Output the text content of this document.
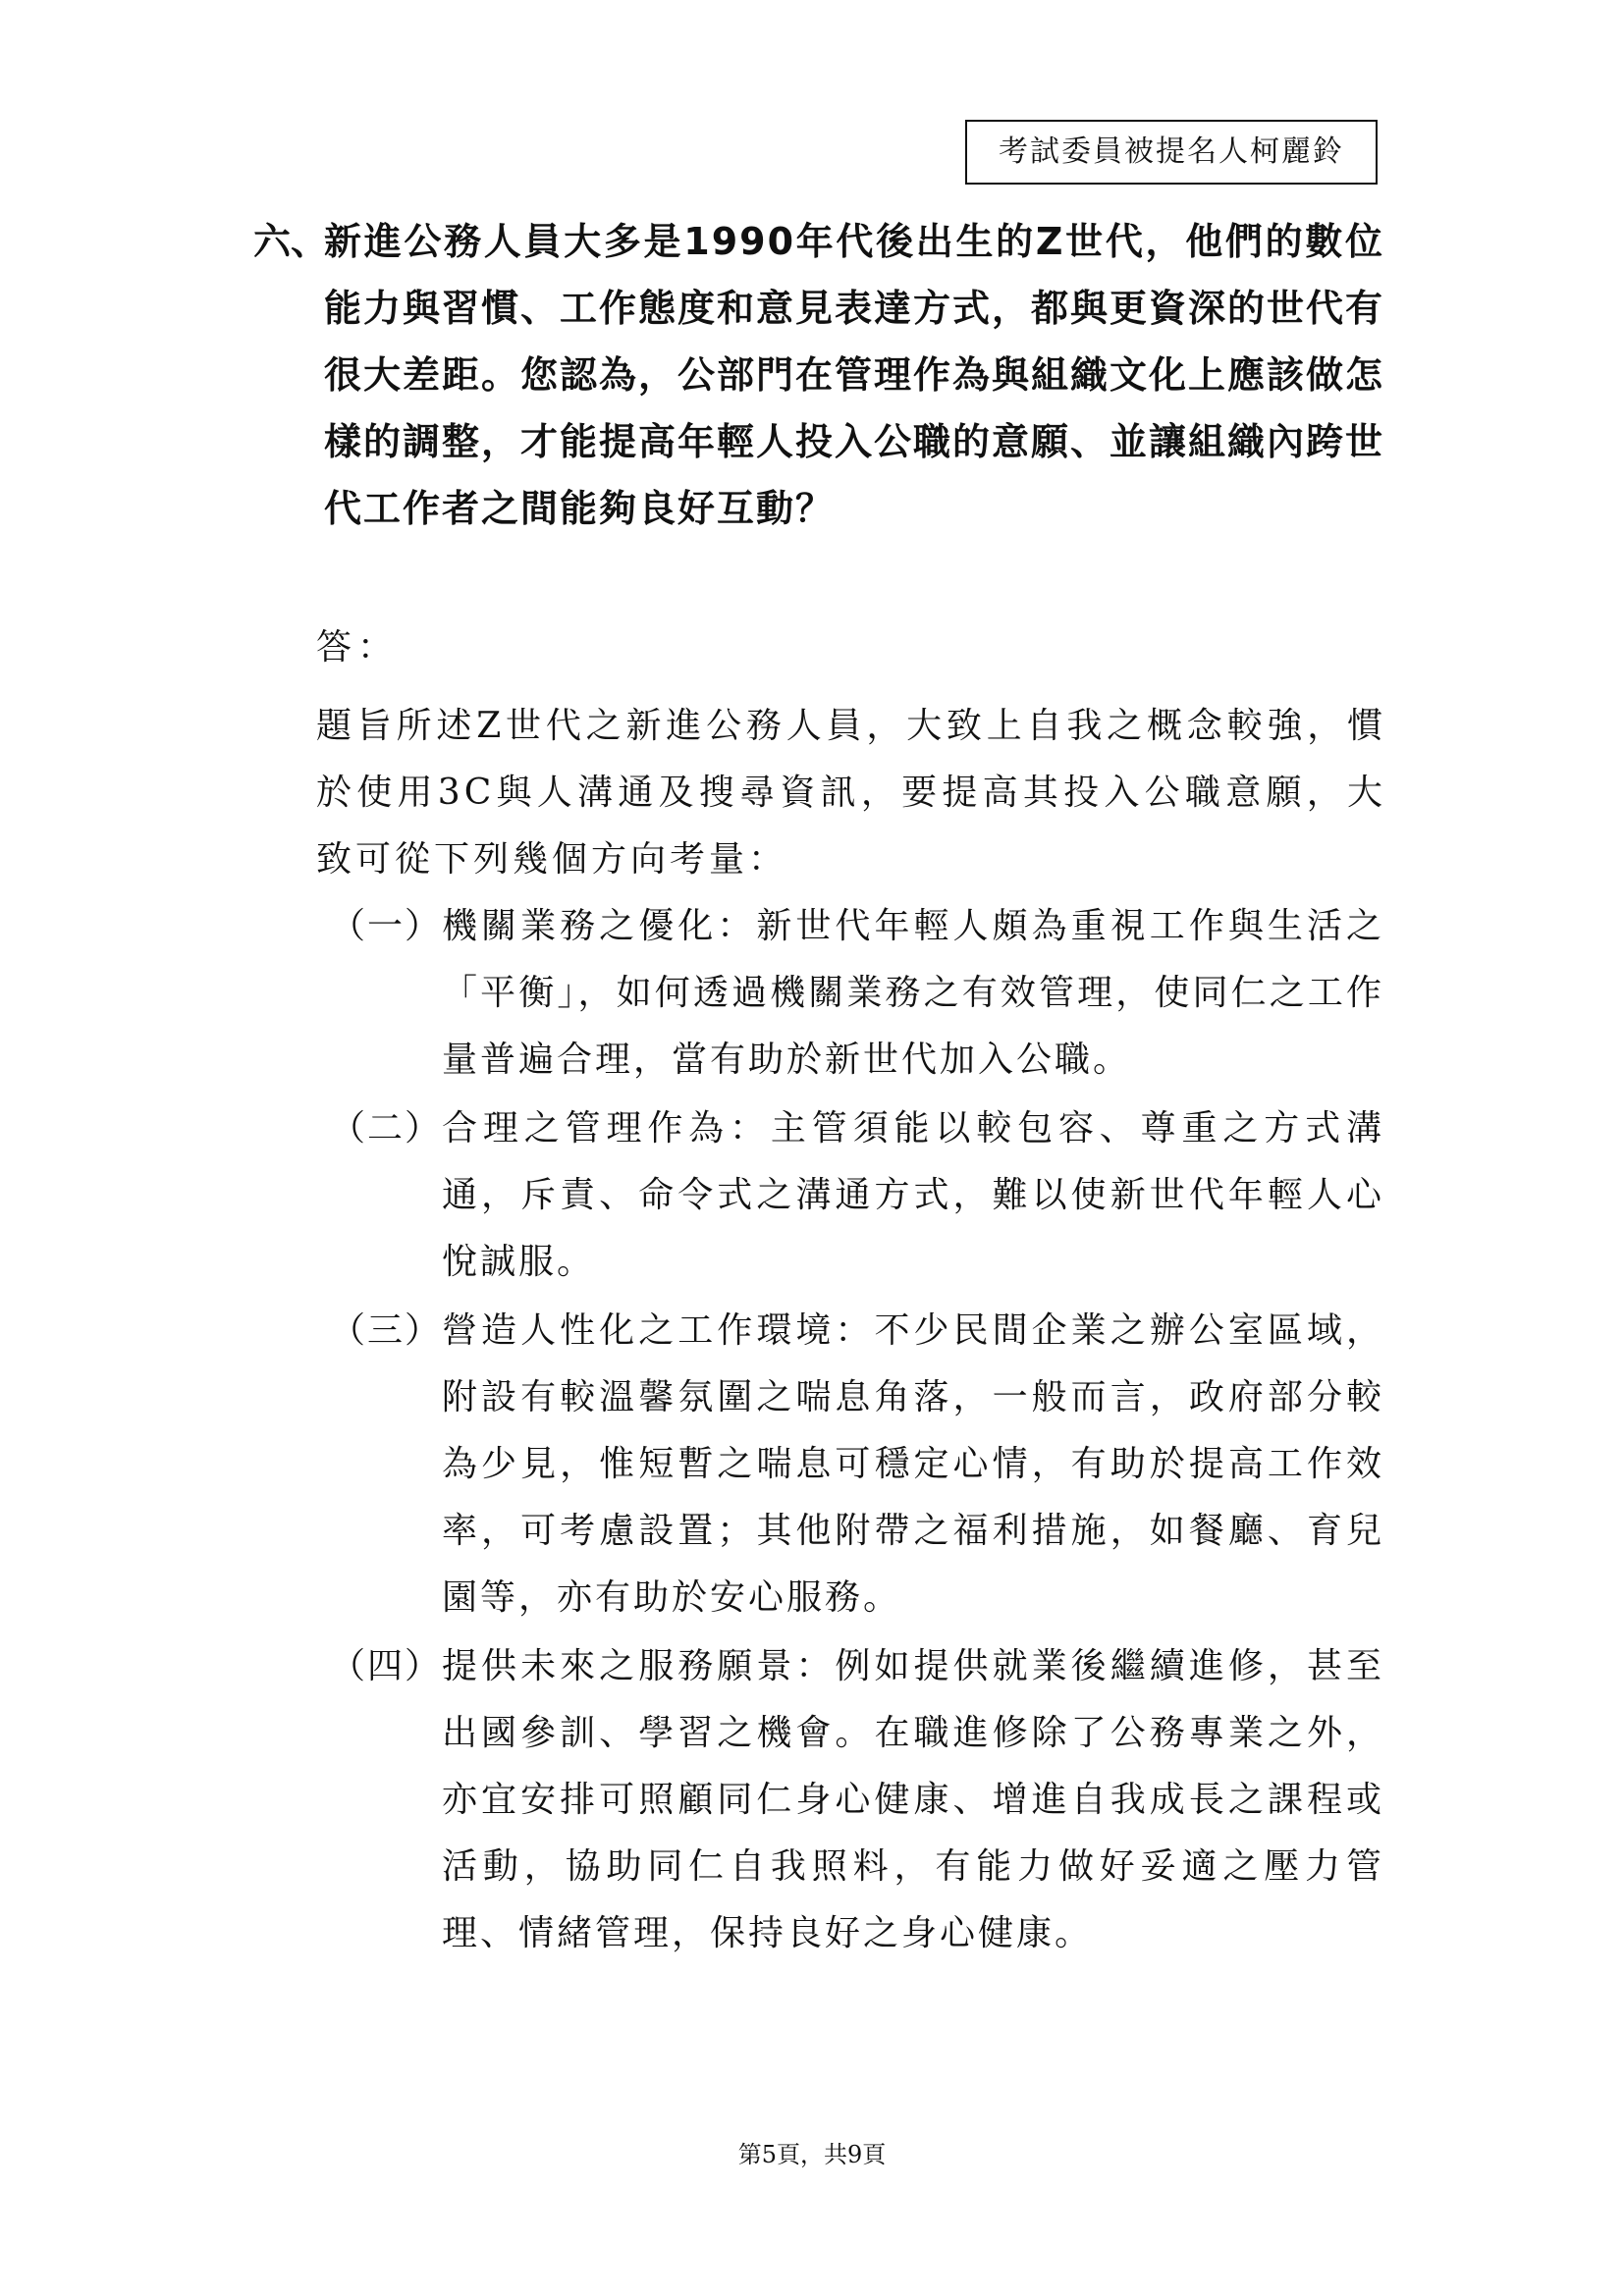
考試委員被提名人柯麗鈴
六、
新進公務人員大多是1990年代後出生的Z世代，他們的數位能力與習慣、工作態度和意見表達方式，都與更資深的世代有很大差距。您認為，公部門在管理作為與組織文化上應該做怎樣的調整，才能提高年輕人投入公職的意願、並讓組織內跨世代工作者之間能夠良好互動？
答：
題旨所述Z世代之新進公務人員，大致上自我之概念較強，慣於使用3C與人溝通及搜尋資訊，要提高其投入公職意願，大致可從下列幾個方向考量：
（一） 機關業務之優化：新世代年輕人頗為重視工作與生活之「平衡」，如何透過機關業務之有效管理，使同仁之工作量普遍合理，當有助於新世代加入公職。
（二） 合理之管理作為：主管須能以較包容、尊重之方式溝通，斥責、命令式之溝通方式，難以使新世代年輕人心悅誠服。
（三） 營造人性化之工作環境：不少民間企業之辦公室區域，附設有較溫馨氛圍之喘息角落，一般而言，政府部分較為少見，惟短暫之喘息可穩定心情，有助於提高工作效率，可考慮設置；其他附帶之福利措施，如餐廳、育兒園等，亦有助於安心服務。
（四） 提供未來之服務願景：例如提供就業後繼續進修，甚至出國參訓、學習之機會。在職進修除了公務專業之外，亦宜安排可照顧同仁身心健康、增進自我成長之課程或活動，協助同仁自我照料，有能力做好妥適之壓力管理、情緒管理，保持良好之身心健康。
第5頁，共9頁
